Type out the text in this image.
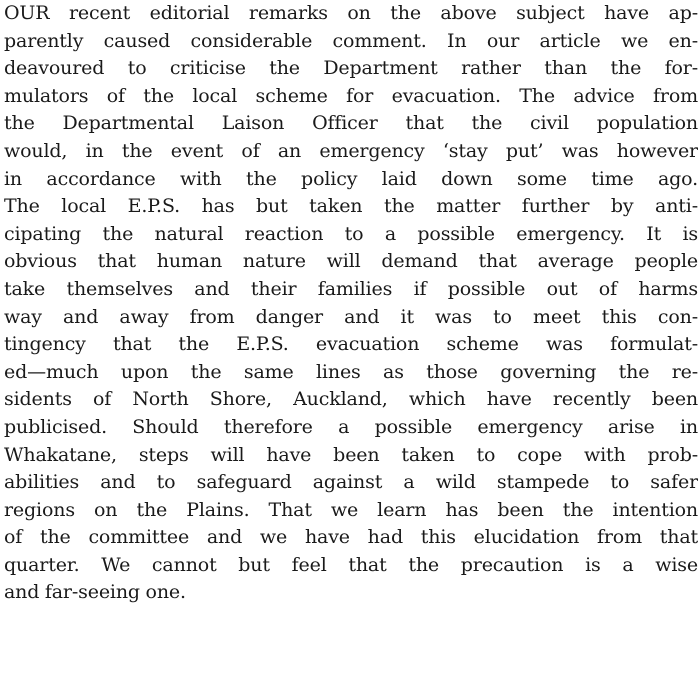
OUR recent editorial remarks on the above subject have ap-
parently caused considerable comment. In our article we en-
deavoured to criticise the Department rather than the for-
mulators of the local scheme for evacuation. The advice from
the Departmental Laison Officer that the civil population
would, in the event of an emergency ‘stay put’ was however
in accordance with the policy laid down some time ago.
The local E.P.S. has but taken the matter further by anti-
cipating the natural reaction to a possible emergency. It is
obvious that human nature will demand that average people
take themselves and their families if possible out of harms
way and away from danger and it was to meet this con-
tingency that the E.P.S. evacuation scheme was formulat-
ed—much upon the same lines as those governing the re-
sidents of North Shore, Auckland, which have recently been
publicised. Should therefore a possible emergency arise in
Whakatane, steps will have been taken to cope with prob-
abilities and to safeguard against a wild stampede to safer
regions on the Plains. That we learn has been the intention
of the committee and we have had this elucidation from that
quarter. We cannot but feel that the precaution is a wise
and far-seeing one.
